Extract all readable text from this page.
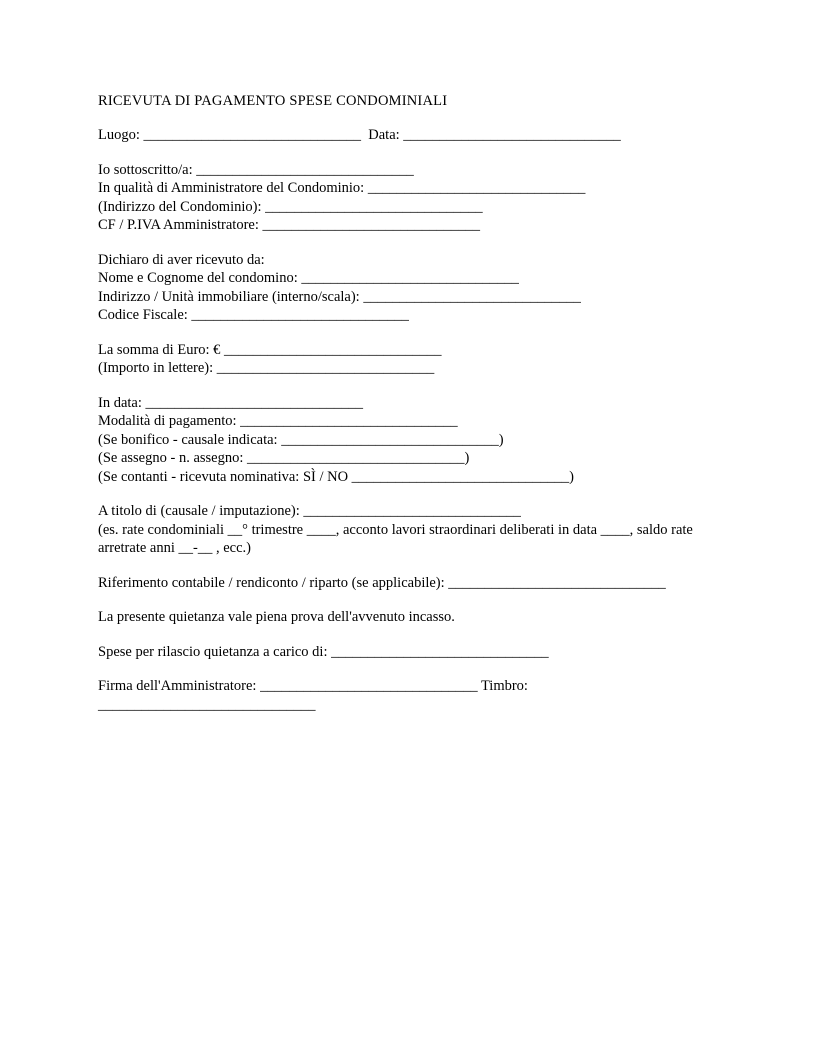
RICEVUTA DI PAGAMENTO SPESE CONDOMINIALI
Luogo: ______________________________  Data: ______________________________
Io sottoscritto/a: ______________________________
In qualità di Amministratore del Condominio: ______________________________
(Indirizzo del Condominio): ______________________________
CF / P.IVA Amministratore: ______________________________
Dichiaro di aver ricevuto da:
Nome e Cognome del condomino: ______________________________
Indirizzo / Unità immobiliare (interno/scala): ______________________________
Codice Fiscale: ______________________________
La somma di Euro: € ______________________________
(Importo in lettere): ______________________________
In data: ______________________________
Modalità di pagamento: ______________________________
(Se bonifico - causale indicata: ______________________________)
(Se assegno - n. assegno: ______________________________)
(Se contanti - ricevuta nominativa: SÌ / NO ______________________________)
A titolo di (causale / imputazione): ______________________________
(es. rate condominiali __° trimestre ____, acconto lavori straordinari deliberati in data ____, saldo rate arretrate anni __-__ , ecc.)
Riferimento contabile / rendiconto / riparto (se applicabile): ______________________________
La presente quietanza vale piena prova dell'avvenuto incasso.
Spese per rilascio quietanza a carico di: ______________________________
Firma dell'Amministratore: ______________________________ Timbro: ______________________________
